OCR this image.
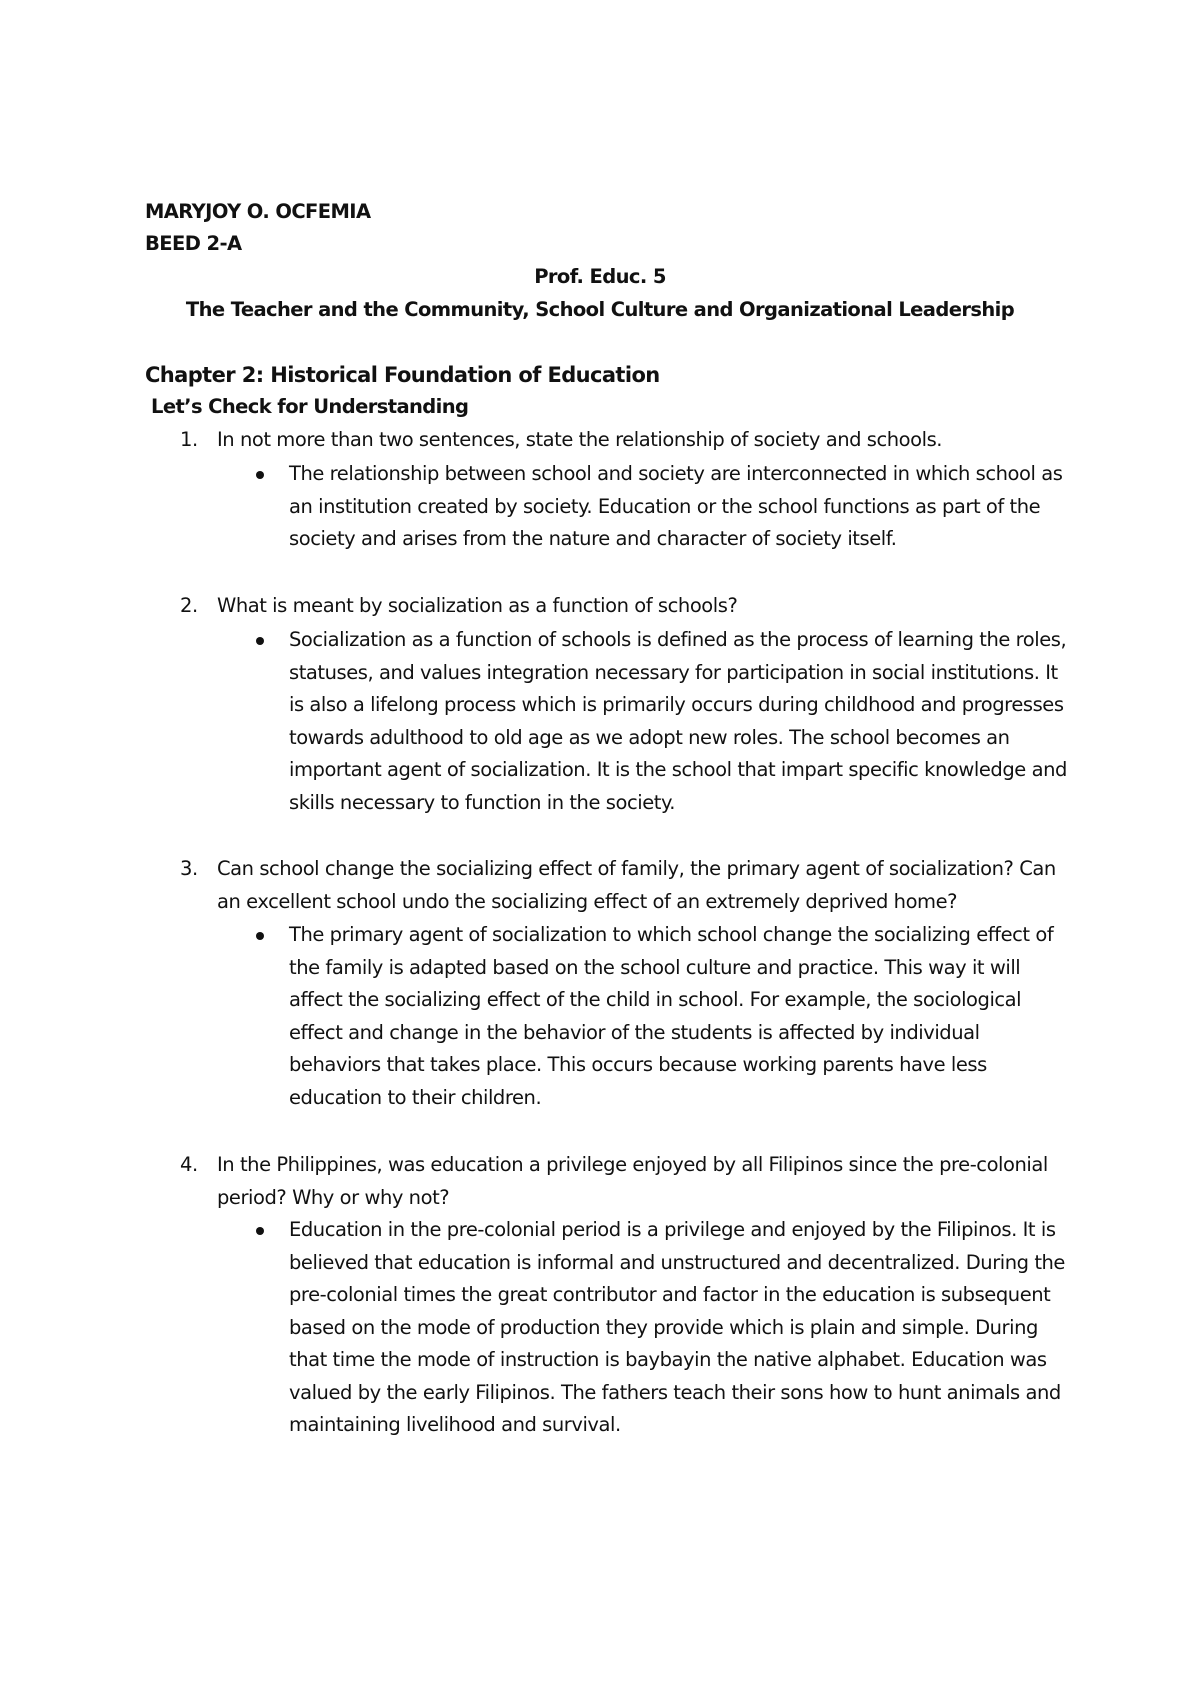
MARYJOY O. OCFEMIA
BEED 2-A
Prof. Educ. 5
The Teacher and the Community, School Culture and Organizational Leadership
Chapter 2: Historical Foundation of Education
Let’s Check for Understanding
1. In not more than two sentences, state the relationship of society and schools.
The relationship between school and society are interconnected in which school as an institution created by society. Education or the school functions as part of the society and arises from the nature and character of society itself.
2. What is meant by socialization as a function of schools?
Socialization as a function of schools is defined as the process of learning the roles, statuses, and values integration necessary for participation in social institutions. It is also a lifelong process which is primarily occurs during childhood and progresses towards adulthood to old age as we adopt new roles. The school becomes an important agent of socialization. It is the school that impart specific knowledge and skills necessary to function in the society.
3. Can school change the socializing effect of family, the primary agent of socialization? Can an excellent school undo the socializing effect of an extremely deprived home?
The primary agent of socialization to which school change the socializing effect of the family is adapted based on the school culture and practice. This way it will affect the socializing effect of the child in school. For example, the sociological effect and change in the behavior of the students is affected by individual behaviors that takes place. This occurs because working parents have less education to their children.
4. In the Philippines, was education a privilege enjoyed by all Filipinos since the pre-colonial period? Why or why not?
Education in the pre-colonial period is a privilege and enjoyed by the Filipinos. It is believed that education is informal and unstructured and decentralized. During the pre-colonial times the great contributor and factor in the education is subsequent based on the mode of production they provide which is plain and simple. During that time the mode of instruction is baybayin the native alphabet. Education was valued by the early Filipinos. The fathers teach their sons how to hunt animals and maintaining livelihood and survival.
